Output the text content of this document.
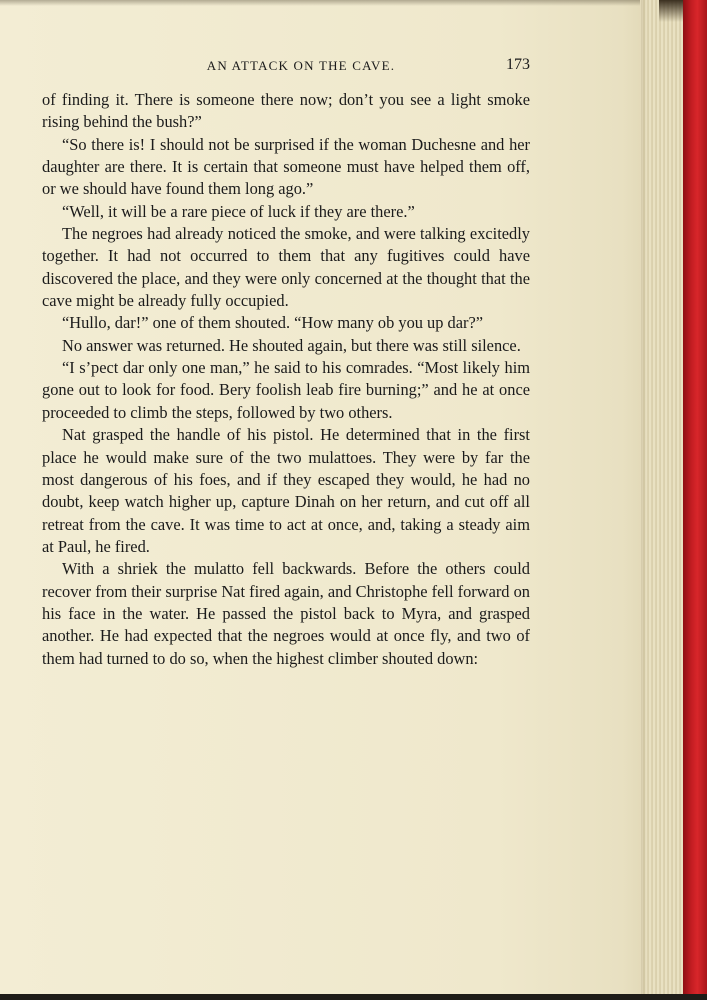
AN ATTACK ON THE CAVE.	173

of finding it. There is someone there now; don’t you see a light smoke rising behind the bush?”

“So there is! I should not be surprised if the woman Duchesne and her daughter are there. It is certain that someone must have helped them off, or we should have found them long ago.”

“Well, it will be a rare piece of luck if they are there.”

The negroes had already noticed the smoke, and were talking excitedly together. It had not occurred to them that any fugitives could have discovered the place, and they were only concerned at the thought that the cave might be already fully occupied.

“Hullo, dar!” one of them shouted. “How many ob you up dar?”

No answer was returned. He shouted again, but there was still silence.

“I s’pect dar only one man,” he said to his comrades. “Most likely him gone out to look for food. Bery foolish leab fire burning;” and he at once proceeded to climb the steps, followed by two others.

Nat grasped the handle of his pistol. He determined that in the first place he would make sure of the two mulattoes. They were by far the most dangerous of his foes, and if they escaped they would, he had no doubt, keep watch higher up, capture Dinah on her return, and cut off all retreat from the cave. It was time to act at once, and, taking a steady aim at Paul, he fired.

With a shriek the mulatto fell backwards. Before the others could recover from their surprise Nat fired again, and Christophe fell forward on his face in the water. He passed the pistol back to Myra, and grasped another. He had expected that the negroes would at once fly, and two of them had turned to do so, when the highest climber shouted down:
